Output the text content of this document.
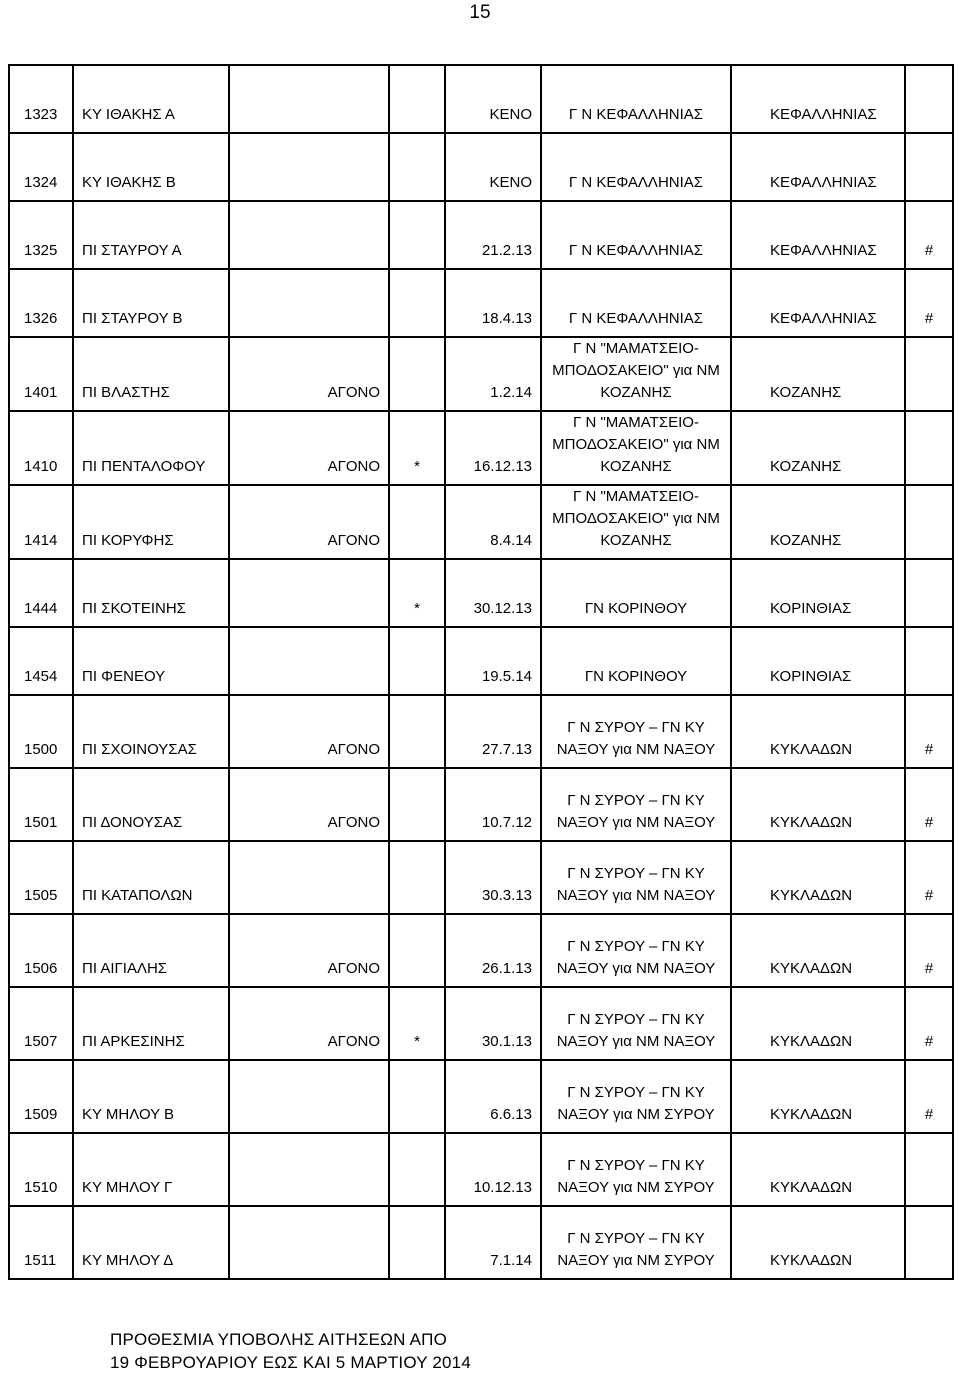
15
1323	ΚΥ ΙΘΑΚΗΣ Α			ΚΕΝΟ	Γ Ν ΚΕΦΑΛΛΗΝΙΑΣ	ΚΕΦΑΛΛΗΝΙΑΣ	

1324	ΚΥ ΙΘΑΚΗΣ Β			ΚΕΝΟ	Γ Ν ΚΕΦΑΛΛΗΝΙΑΣ	ΚΕΦΑΛΛΗΝΙΑΣ	

1325	ΠΙ ΣΤΑΥΡΟΥ Α			21.2.13	Γ Ν ΚΕΦΑΛΛΗΝΙΑΣ	ΚΕΦΑΛΛΗΝΙΑΣ	#

1326	ΠΙ ΣΤΑΥΡΟΥ Β			18.4.13	Γ Ν ΚΕΦΑΛΛΗΝΙΑΣ	ΚΕΦΑΛΛΗΝΙΑΣ	#

1401	ΠΙ ΒΛΑΣΤΗΣ	ΑΓΟΝΟ		1.2.14	Γ Ν "ΜΑΜΑΤΣΕΙΟ-ΜΠΟΔΟΣΑΚΕΙΟ" για ΝΜ ΚΟΖΑΝΗΣ	ΚΟΖΑΝΗΣ	

1410	ΠΙ ΠΕΝΤΑΛΟΦΟΥ	ΑΓΟΝΟ	*	16.12.13	Γ Ν "ΜΑΜΑΤΣΕΙΟ-ΜΠΟΔΟΣΑΚΕΙΟ" για ΝΜ ΚΟΖΑΝΗΣ	ΚΟΖΑΝΗΣ	

1414	ΠΙ ΚΟΡΥΦΗΣ	ΑΓΟΝΟ		8.4.14	Γ Ν "ΜΑΜΑΤΣΕΙΟ-ΜΠΟΔΟΣΑΚΕΙΟ" για ΝΜ ΚΟΖΑΝΗΣ	ΚΟΖΑΝΗΣ	

1444	ΠΙ ΣΚΟΤΕΙΝΗΣ		*	30.12.13	ΓΝ ΚΟΡΙΝΘΟΥ	ΚΟΡΙΝΘΙΑΣ	

1454	ΠΙ ΦΕΝΕΟΥ			19.5.14	ΓΝ ΚΟΡΙΝΘΟΥ	ΚΟΡΙΝΘΙΑΣ	

1500	ΠΙ ΣΧΟΙΝΟΥΣΑΣ	ΑΓΟΝΟ		27.7.13	Γ Ν ΣΥΡΟΥ – ΓΝ ΚΥ ΝΑΞΟΥ για ΝΜ ΝΑΞΟΥ	ΚΥΚΛΑΔΩΝ	#

1501	ΠΙ ΔΟΝΟΥΣΑΣ	ΑΓΟΝΟ		10.7.12	Γ Ν ΣΥΡΟΥ – ΓΝ ΚΥ ΝΑΞΟΥ για ΝΜ ΝΑΞΟΥ	ΚΥΚΛΑΔΩΝ	#

1505	ΠΙ ΚΑΤΑΠΟΛΩΝ			30.3.13	Γ Ν ΣΥΡΟΥ – ΓΝ ΚΥ ΝΑΞΟΥ για ΝΜ ΝΑΞΟΥ	ΚΥΚΛΑΔΩΝ	#

1506	ΠΙ ΑΙΓΙΑΛΗΣ	ΑΓΟΝΟ		26.1.13	Γ Ν ΣΥΡΟΥ – ΓΝ ΚΥ ΝΑΞΟΥ για ΝΜ ΝΑΞΟΥ	ΚΥΚΛΑΔΩΝ	#

1507	ΠΙ ΑΡΚΕΣΙΝΗΣ	ΑΓΟΝΟ	*	30.1.13	Γ Ν ΣΥΡΟΥ – ΓΝ ΚΥ ΝΑΞΟΥ για ΝΜ ΝΑΞΟΥ	ΚΥΚΛΑΔΩΝ	#

1509	ΚΥ ΜΗΛΟΥ Β			6.6.13	Γ Ν ΣΥΡΟΥ – ΓΝ ΚΥ ΝΑΞΟΥ για ΝΜ ΣΥΡΟΥ	ΚΥΚΛΑΔΩΝ	#

1510	ΚΥ ΜΗΛΟΥ Γ			10.12.13	Γ Ν ΣΥΡΟΥ – ΓΝ ΚΥ ΝΑΞΟΥ για ΝΜ ΣΥΡΟΥ	ΚΥΚΛΑΔΩΝ	

1511	ΚΥ ΜΗΛΟΥ Δ			7.1.14	Γ Ν ΣΥΡΟΥ – ΓΝ ΚΥ ΝΑΞΟΥ για ΝΜ ΣΥΡΟΥ	ΚΥΚΛΑΔΩΝ	

ΠΡΟΘΕΣΜΙΑ ΥΠΟΒΟΛΗΣ ΑΙΤΗΣΕΩΝ ΑΠΟ
19 ΦΕΒΡΟΥΑΡΙΟΥ ΕΩΣ ΚΑΙ 5 ΜΑΡΤΙΟΥ 2014
